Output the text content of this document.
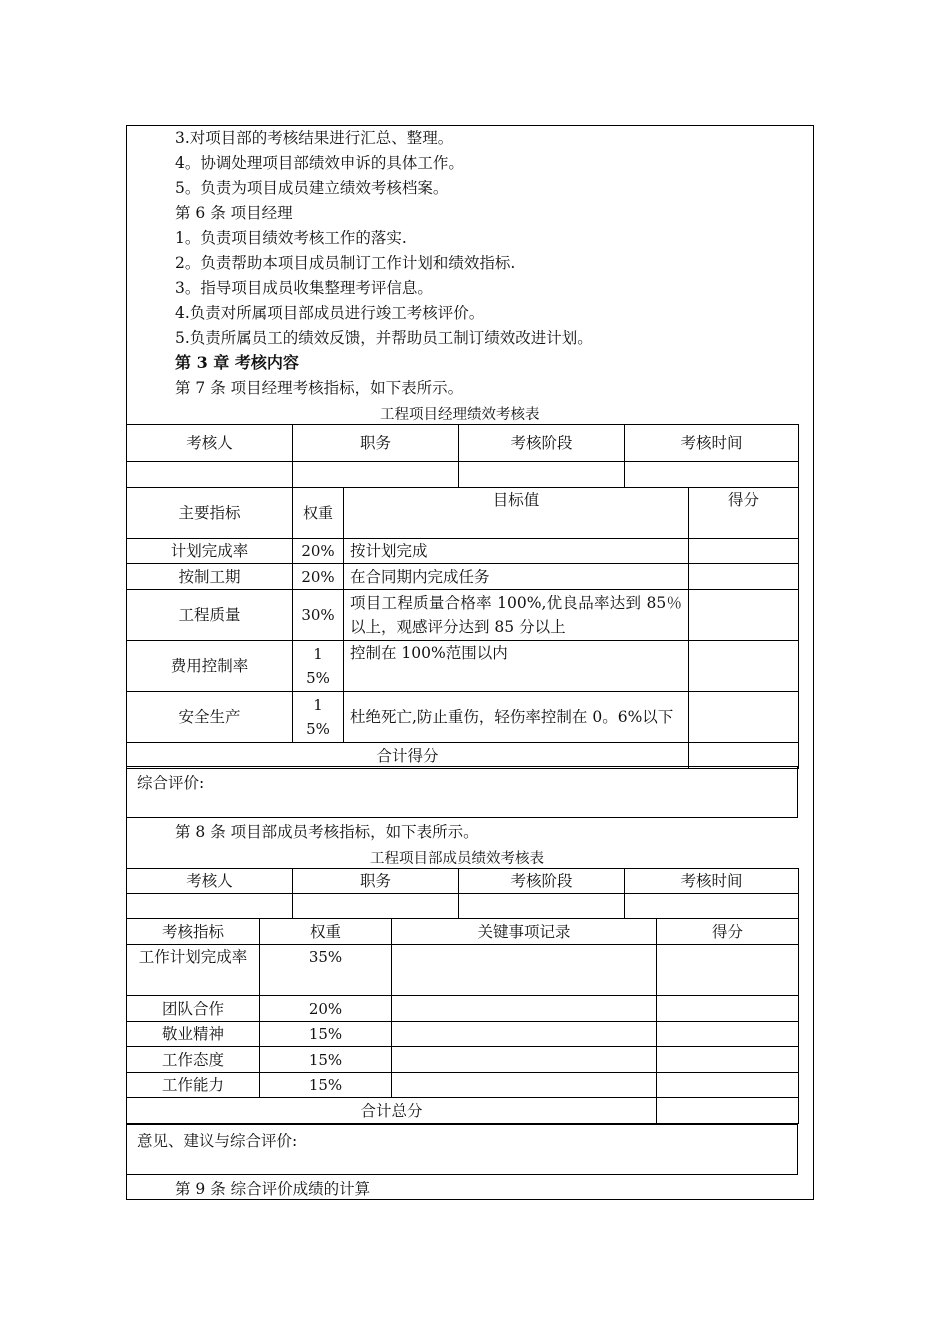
3.对项目部的考核结果进行汇总、整理。
4。协调处理项目部绩效申诉的具体工作。
5。负责为项目成员建立绩效考核档案。
第 6 条 项目经理
1。负责项目绩效考核工作的落实.
2。负责帮助本项目成员制订工作计划和绩效指标.
3。指导项目成员收集整理考评信息。
4.负责对所属项目部成员进行竣工考核评价。
5.负责所属员工的绩效反馈，并帮助员工制订绩效改进计划。
第 3 章 考核内容
第 7 条 项目经理考核指标，如下表所示。
工程项目经理绩效考核表
考核人	职务	考核阶段	考核时间

主要指标	权重	目标值	得分
计划完成率	20%	按计划完成	
按制工期	20%	在合同期内完成任务	
工程质量	30%	项目工程质量合格率 100%,优良品率达到 85％以上，观感评分达到 85 分以上	
费用控制率	15%	控制在 100%范围以内	
安全生产	15%	杜绝死亡,防止重伤，轻伤率控制在 0。6%以下	
合计得分			
综合评价:
第 8 条 项目部成员考核指标，如下表所示。
工程项目部成员绩效考核表
考核人	职务	考核阶段	考核时间

考核指标	权重	关键事项记录	得分
工作计划完成率	35%		
团队合作	20%		
敬业精神	15%		
工作态度	15%		
工作能力	15%		
合计总分			
意见、建议与综合评价:
第 9 条 综合评价成绩的计算
